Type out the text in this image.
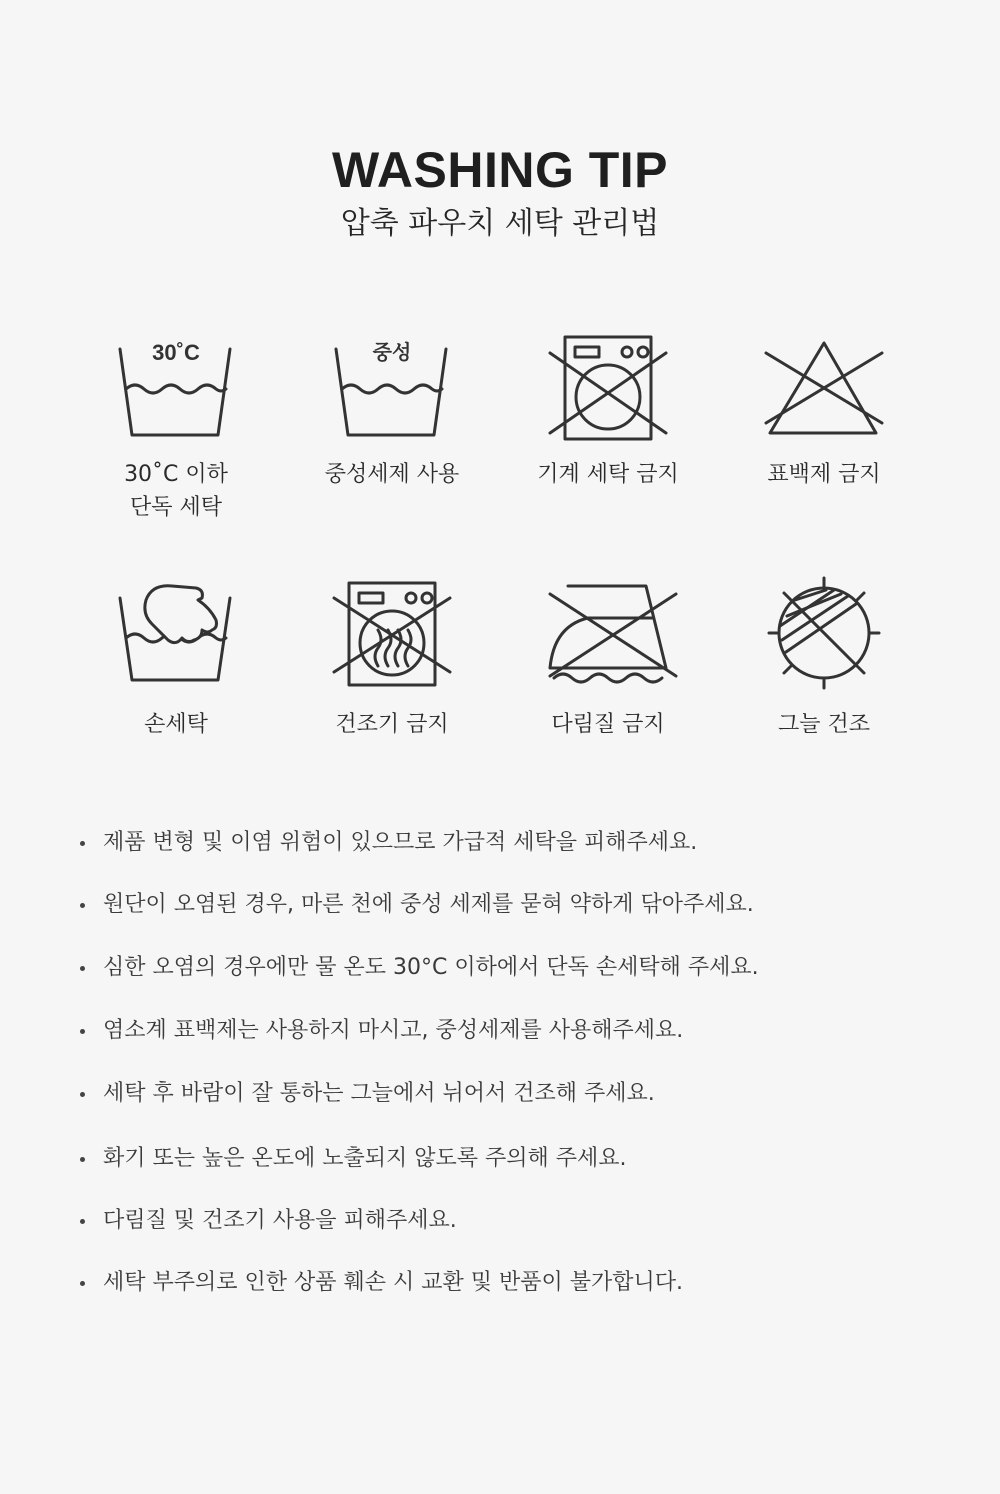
WASHING TIP
압축 파우치 세탁 관리법
30˚C
30˚C 이하
단독 세탁
중성
중성세제 사용	기계 세탁 금지	표백제 금지
손세탁	건조기 금지	다림질 금지	그늘 건조
제품 변형 및 이염 위험이 있으므로 가급적 세탁을 피해주세요.
원단이 오염된 경우, 마른 천에 중성 세제를 묻혀 약하게 닦아주세요.
심한 오염의 경우에만 물 온도 30°C 이하에서 단독 손세탁해 주세요.
염소계 표백제는 사용하지 마시고, 중성세제를 사용해주세요.
세탁 후 바람이 잘 통하는 그늘에서 뉘어서 건조해 주세요.
화기 또는 높은 온도에 노출되지 않도록 주의해 주세요.
다림질 및 건조기 사용을 피해주세요.
세탁 부주의로 인한 상품 훼손 시 교환 및 반품이 불가합니다.
